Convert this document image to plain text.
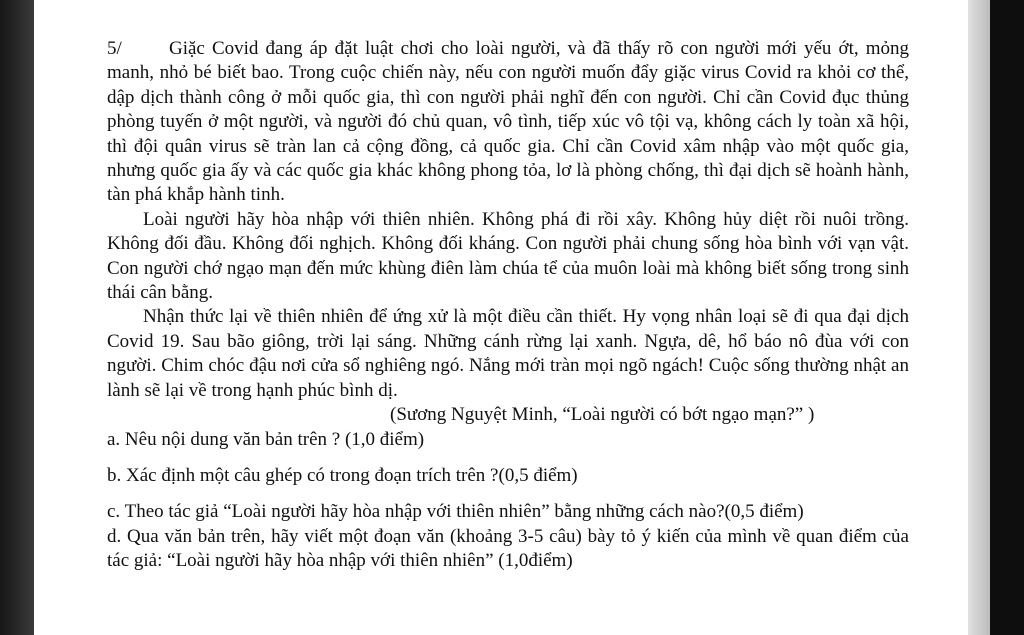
5/ Giặc Covid đang áp đặt luật chơi cho loài người, và đã thấy rõ con người mới yếu ớt, mỏng manh, nhỏ bé biết bao. Trong cuộc chiến này, nếu con người muốn đẩy giặc virus Covid ra khỏi cơ thể, dập dịch thành công ở mỗi quốc gia, thì con người phải nghĩ đến con người. Chỉ cần Covid đục thủng phòng tuyến ở một người, và người đó chủ quan, vô tình, tiếp xúc vô tội vạ, không cách ly toàn xã hội, thì đội quân virus sẽ tràn lan cả cộng đồng, cả quốc gia. Chỉ cần Covid xâm nhập vào một quốc gia, nhưng quốc gia ấy và các quốc gia khác không phong tỏa, lơ là phòng chống, thì đại dịch sẽ hoành hành, tàn phá khắp hành tinh.

Loài người hãy hòa nhập với thiên nhiên. Không phá đi rồi xây. Không hủy diệt rồi nuôi trồng. Không đối đầu. Không đối nghịch. Không đối kháng. Con người phải chung sống hòa bình với vạn vật. Con người chớ ngạo mạn đến mức khùng điên làm chúa tể của muôn loài mà không biết sống trong sinh thái cân bằng.

Nhận thức lại về thiên nhiên để ứng xử là một điều cần thiết. Hy vọng nhân loại sẽ đi qua đại dịch Covid 19. Sau bão giông, trời lại sáng. Những cánh rừng lại xanh. Ngựa, dê, hổ báo nô đùa với con người. Chim chóc đậu nơi cửa sổ nghiêng ngó. Nắng mới tràn mọi ngõ ngách! Cuộc sống thường nhật an lành sẽ lại về trong hạnh phúc bình dị.

(Sương Nguyệt Minh, “Loài người có bớt ngạo mạn?” )

a. Nêu nội dung văn bản trên ? (1,0 điểm)

b. Xác định một câu ghép có trong đoạn trích trên ?(0,5 điểm)

c. Theo tác giả “Loài người hãy hòa nhập với thiên nhiên” bằng những cách nào?(0,5 điểm)

d. Qua văn bản trên, hãy viết một đoạn văn (khoảng 3-5 câu) bày tỏ ý kiến của mình về quan điểm của tác giả: “Loài người hãy hòa nhập với thiên nhiên” (1,0điểm)
